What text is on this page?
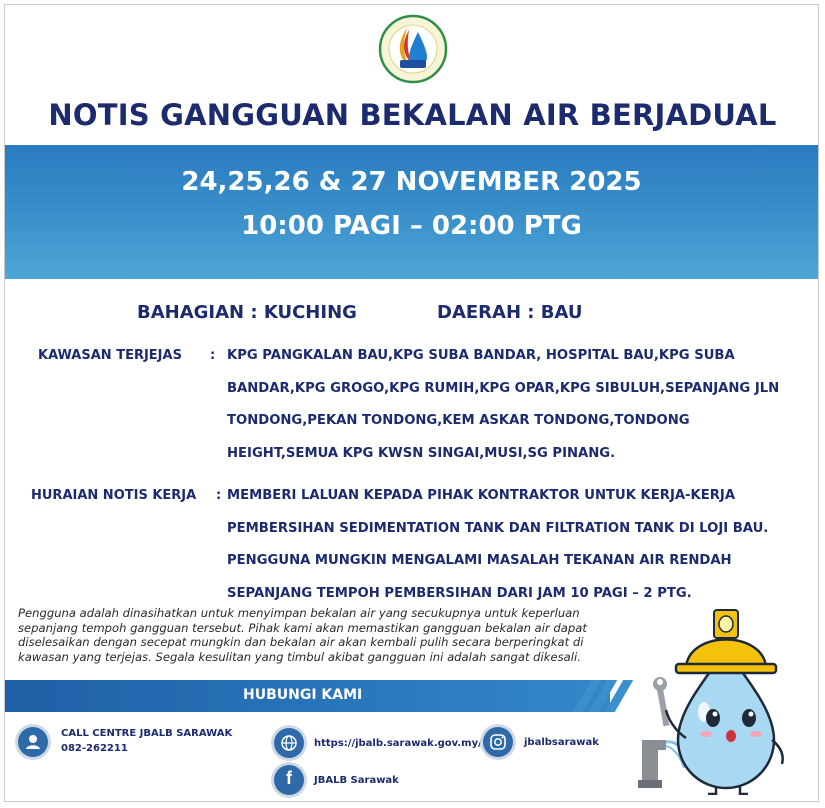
NOTIS GANGGUAN BEKALAN AIR BERJADUAL
24,25,26 & 27 NOVEMBER 2025
10:00 PAGI – 02:00 PTG
BAHAGIAN : KUCHING	DAERAH : BAU
KAWASAN TERJEJAS : KPG PANGKALAN BAU,KPG SUBA BANDAR, HOSPITAL BAU,KPG SUBA
BANDAR,KPG GROGO,KPG RUMIH,KPG OPAR,KPG SIBULUH,SEPANJANG JLN
TONDONG,PEKAN TONDONG,KEM ASKAR TONDONG,TONDONG
HEIGHT,SEMUA KPG KWSN SINGAI,MUSI,SG PINANG.
HURAIAN NOTIS KERJA : MEMBERI LALUAN KEPADA PIHAK KONTRAKTOR UNTUK KERJA-KERJA
PEMBERSIHAN SEDIMENTATION TANK DAN FILTRATION TANK DI LOJI BAU.
PENGGUNA MUNGKIN MENGALAMI MASALAH TEKANAN AIR RENDAH
SEPANJANG TEMPOH PEMBERSIHAN DARI JAM 10 PAGI – 2 PTG.
Pengguna adalah dinasihatkan untuk menyimpan bekalan air yang secukupnya untuk keperluan
sepanjang tempoh gangguan tersebut. Pihak kami akan memastikan gangguan bekalan air dapat
diselesaikan dengan secepat mungkin dan bekalan air akan kembali pulih secara berperingkat di
kawasan yang terjejas. Segala kesulitan yang timbul akibat gangguan ini adalah sangat dikesali.
HUBUNGI KAMI
CALL CENTRE JBALB SARAWAK
082-262211	https://jbalb.sarawak.gov.my/	jbalbsarawak
f	JBALB Sarawak
